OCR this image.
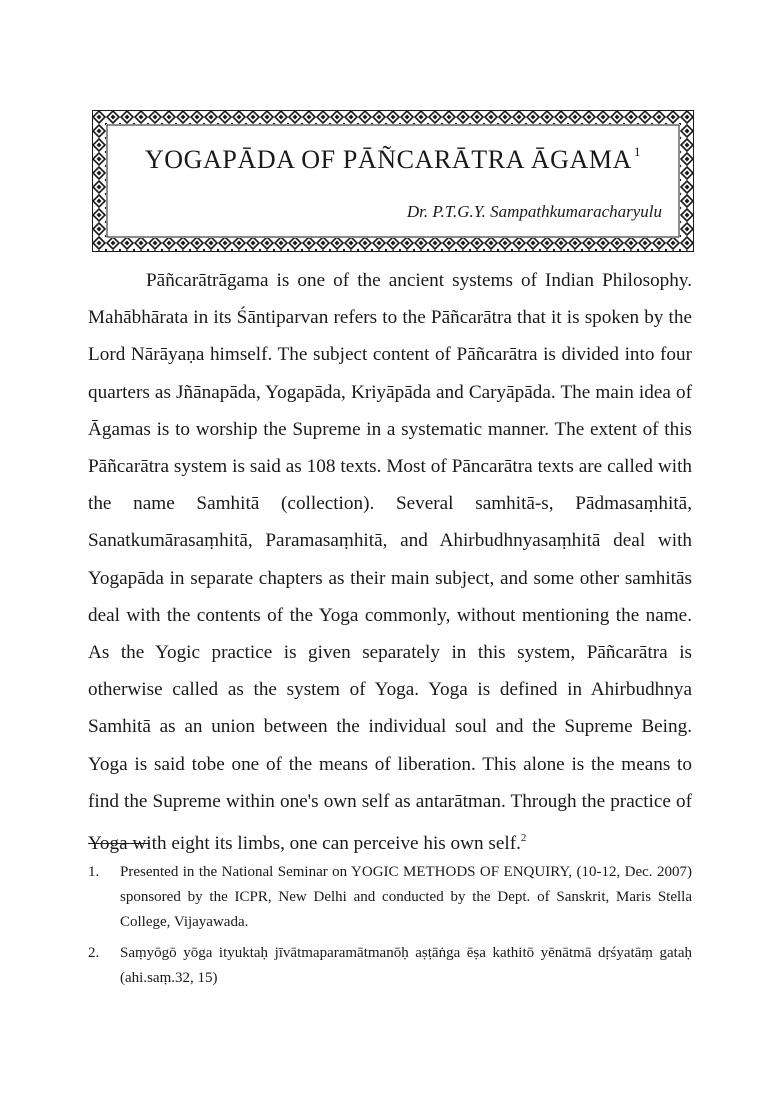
YOGAPĀDA OF PĀÑCARĀTRA ĀGAMA $^1$
Dr. P.T.G.Y. Sampathkumaracharyulu

Pāñcarātrāgama is one of the ancient systems of Indian Philosophy. Mahābhārata in its Śāntiparvan refers to the Pāñcarātra that it is spoken by the Lord Nārāyaṇa himself. The subject content of Pāñcarātra is divided into four quarters as Jñānapāda, Yogapāda, Kriyāpāda and Caryāpāda. The main idea of Āgamas is to worship the Supreme in a systematic manner. The extent of this Pāñcarātra system is said as 108 texts. Most of Pāncarātra texts are called with the name Samhitā (collection). Several samhitā-s, Pādmasaṃhitā, Sanatkumārasaṃhitā, Paramasaṃhitā, and Ahirbudhnyasaṃhitā deal with Yogapāda in separate chapters as their main subject, and some other samhitās deal with the contents of the Yoga commonly, without mentioning the name. As the Yogic practice is given separately in this system, Pāñcarātra is otherwise called as the system of Yoga. Yoga is defined in Ahirbudhnya Samhitā as an union between the individual soul and the Supreme Being. Yoga is said tobe one of the means of liberation. This alone is the means to find the Supreme within one's own self as antarātman. Through the practice of Yoga with eight its limbs, one can perceive his own self.$^2$

1. Presented in the National Seminar on YOGIC METHODS OF ENQUIRY, (10-12, Dec. 2007) sponsored by the ICPR, New Delhi and conducted by the Dept. of Sanskrit, Maris Stella College, Vijayawada.
2. Saṃyōgō yōga ityuktaḥ jīvātmaparamātmanōḥ aṣṭāṅga ēṣa kathitō yēnātmā dṛśyatāṃ gataḥ (ahi.saṃ.32, 15)
